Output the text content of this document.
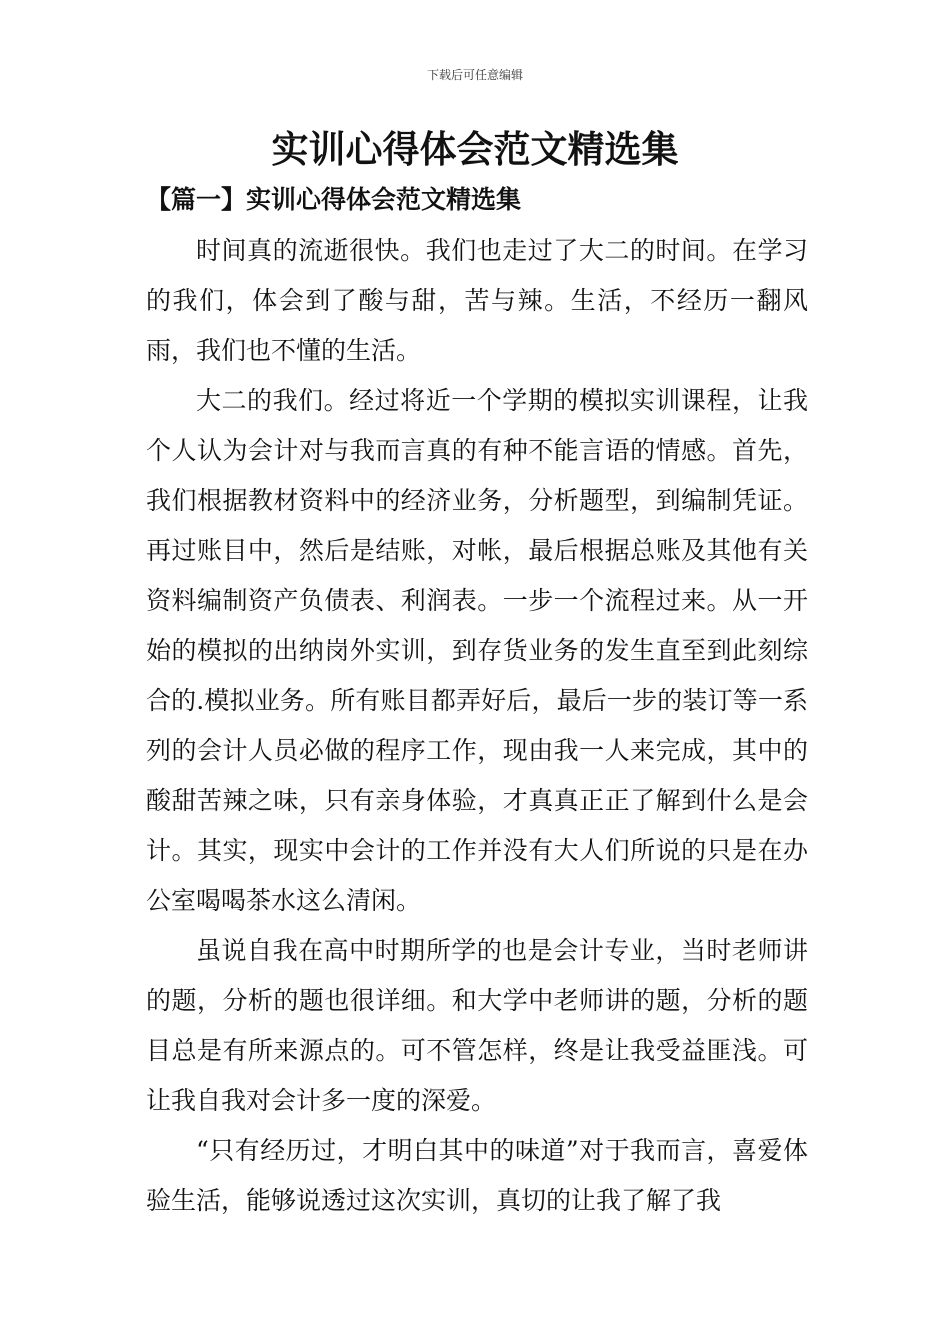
下载后可任意编辑
实训心得体会范文精选集
【篇一】实训心得体会范文精选集

时间真的流逝很快。我们也走过了大二的时间。在学习的我们，体会到了酸与甜，苦与辣。生活，不经历一翻风雨，我们也不懂的生活。

大二的我们。经过将近一个学期的模拟实训课程，让我个人认为会计对与我而言真的有种不能言语的情感。首先，我们根据教材资料中的经济业务，分析题型，到编制凭证。再过账目中，然后是结账，对帐，最后根据总账及其他有关资料编制资产负债表、利润表。一步一个流程过来。从一开始的模拟的出纳岗外实训，到存货业务的发生直至到此刻综合的.模拟业务。所有账目都弄好后，最后一步的装订等一系列的会计人员必做的程序工作，现由我一人来完成，其中的酸甜苦辣之味，只有亲身体验，才真真正正了解到什么是会计。其实，现实中会计的工作并没有大人们所说的只是在办公室喝喝茶水这么清闲。

虽说自我在高中时期所学的也是会计专业，当时老师讲的题，分析的题也很详细。和大学中老师讲的题，分析的题目总是有所来源点的。可不管怎样，终是让我受益匪浅。可让我自我对会计多一度的深爱。

“只有经历过，才明白其中的味道”对于我而言，喜爱体验生活，能够说透过这次实训，真切的让我了解了我
